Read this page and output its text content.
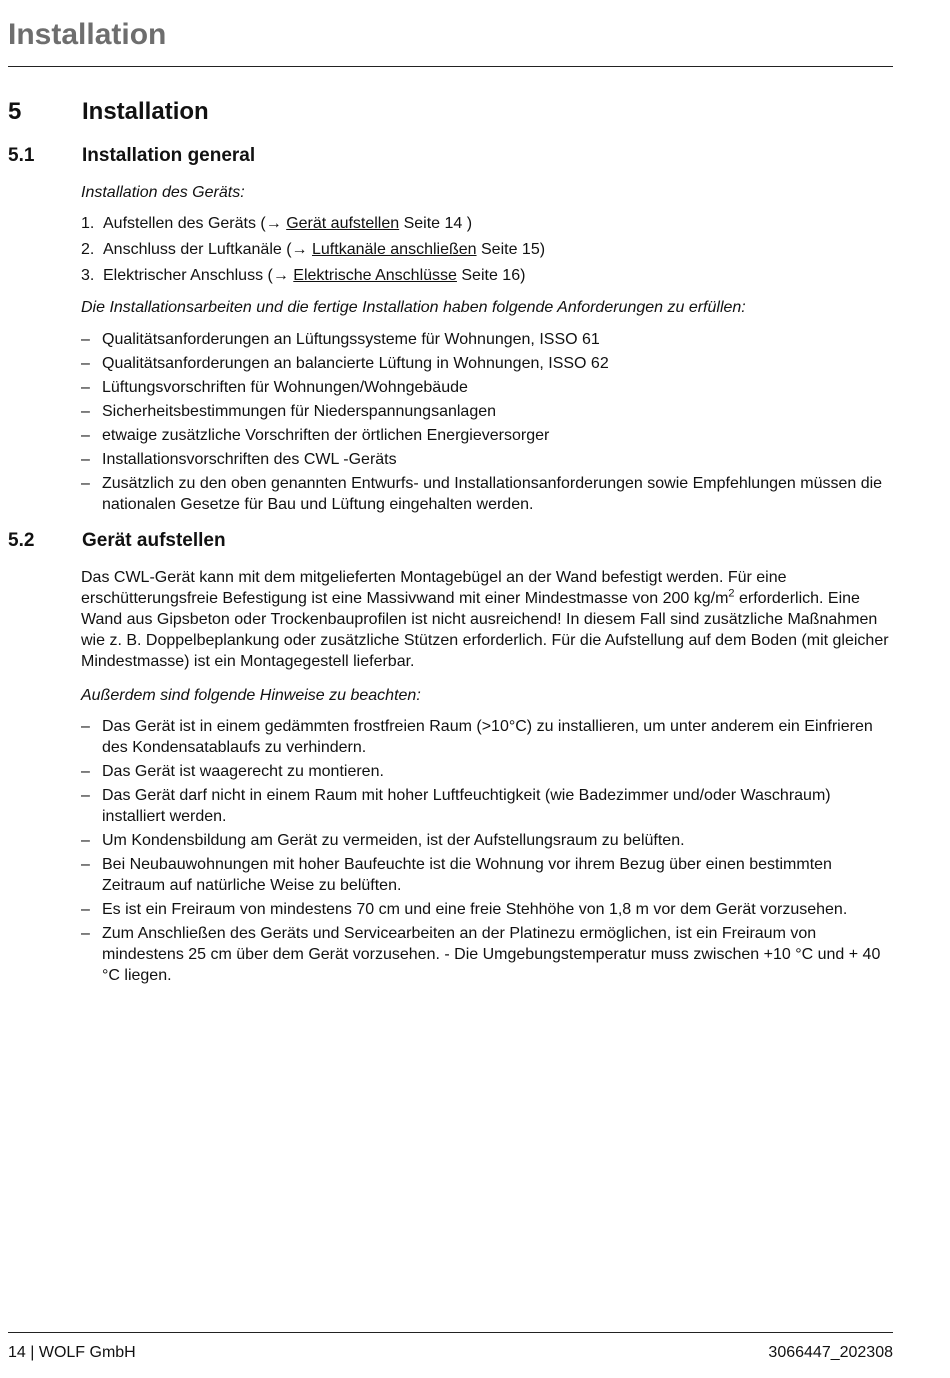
Installation
5	Installation
5.1	Installation general
Installation des Geräts:
1. Aufstellen des Geräts (→ Gerät aufstellen Seite 14 )
2. Anschluss der Luftkanäle (→ Luftkanäle anschließen Seite 15)
3. Elektrischer Anschluss (→ Elektrische Anschlüsse Seite 16)
Die Installationsarbeiten und die fertige Installation haben folgende Anforderungen zu erfüllen:
– Qualitätsanforderungen an Lüftungssysteme für Wohnungen, ISSO 61
– Qualitätsanforderungen an balancierte Lüftung in Wohnungen, ISSO 62
– Lüftungsvorschriften für Wohnungen/Wohngebäude
– Sicherheitsbestimmungen für Niederspannungsanlagen
– etwaige zusätzliche Vorschriften der örtlichen Energieversorger
– Installationsvorschriften des CWL -Geräts
– Zusätzlich zu den oben genannten Entwurfs- und Installationsanforderungen sowie Empfehlungen müssen die nationalen Gesetze für Bau und Lüftung eingehalten werden.
5.2	Gerät aufstellen
Das CWL-Gerät kann mit dem mitgelieferten Montagebügel an der Wand befestigt werden. Für eine erschütterungsfreie Befestigung ist eine Massivwand mit einer Mindestmasse von 200 $kg/m^2$ erforderlich. Eine Wand aus Gipsbeton oder Trockenbauprofilen ist nicht ausreichend! In diesem Fall sind zusätzliche Maßnahmen wie z. B. Doppelbeplankung oder zusätzliche Stützen erforderlich. Für die Aufstellung auf dem Boden (mit gleicher Mindestmasse) ist ein Montagegestell lieferbar.
Außerdem sind folgende Hinweise zu beachten:
– Das Gerät ist in einem gedämmten frostfreien Raum (>10°C) zu installieren, um unter anderem ein Einfrieren des Kondensatablaufs zu verhindern.
– Das Gerät ist waagerecht zu montieren.
– Das Gerät darf nicht in einem Raum mit hoher Luftfeuchtigkeit (wie Badezimmer und/oder Waschraum) installiert werden.
– Um Kondensbildung am Gerät zu vermeiden, ist der Aufstellungsraum zu belüften.
– Bei Neubauwohnungen mit hoher Baufeuchte ist die Wohnung vor ihrem Bezug über einen bestimmten Zeitraum auf natürliche Weise zu belüften.
– Es ist ein Freiraum von mindestens 70 cm und eine freie Stehhöhe von 1,8 m vor dem Gerät vorzusehen.
– Zum Anschließen des Geräts und Servicearbeiten an der Platinezu ermöglichen, ist ein Freiraum von mindestens 25 cm über dem Gerät vorzusehen. - Die Umgebungstemperatur muss zwischen +10 °C und + 40 °C liegen.
14 | WOLF GmbH	3066447_202308
